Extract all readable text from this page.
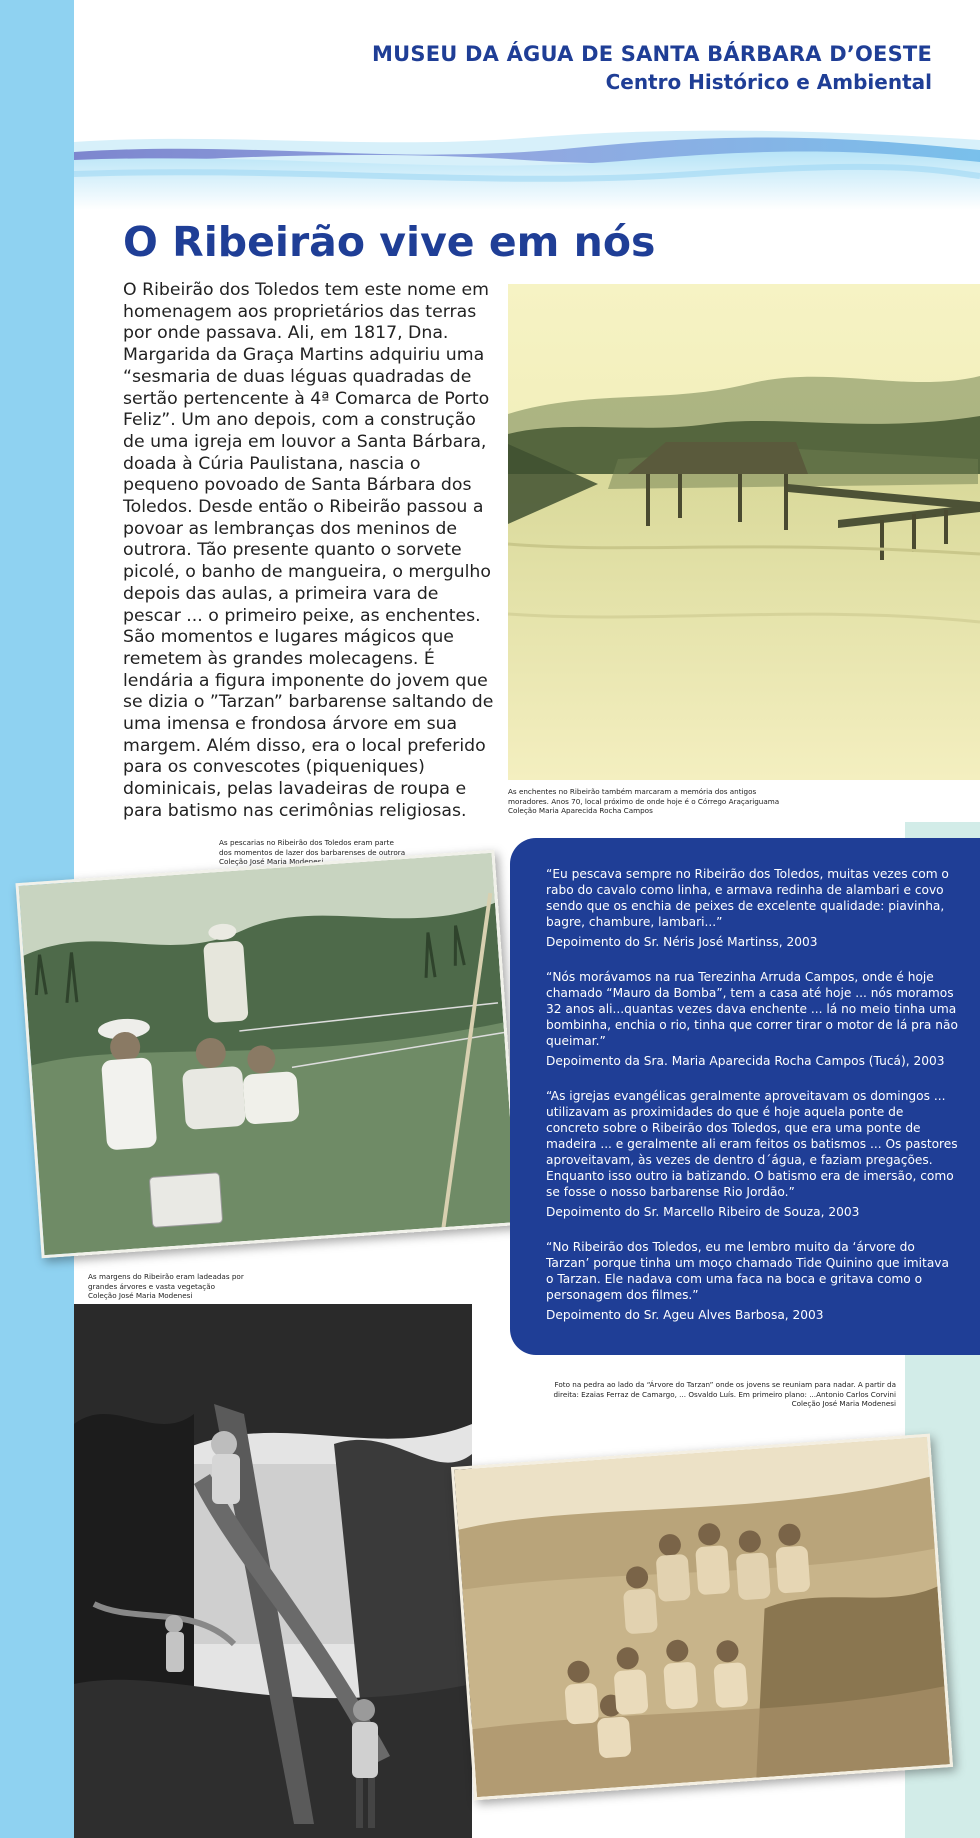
MUSEU DA ÁGUA DE SANTA BÁRBARA D’OESTE
Centro Histórico e Ambiental
O Ribeirão vive em nós

O Ribeirão dos Toledos tem este nome em homenagem aos proprietários das terras por onde passava. Ali, em 1817, Dna. Margarida da Graça Martins adquiriu uma “sesmaria de duas léguas quadradas de sertão pertencente à 4ª Comarca de Porto Feliz”. Um ano depois, com a construção de uma igreja em louvor a Santa Bárbara, doada à Cúria Paulistana, nascia o pequeno povoado de Santa Bárbara dos Toledos. Desde então o Ribeirão passou a povoar as lembranças dos meninos de outrora. Tão presente quanto o sorvete picolé, o banho de mangueira, o mergulho depois das aulas, a primeira vara de pescar ... o primeiro peixe, as enchentes. São momentos e lugares mágicos que remetem às grandes molecagens. É lendária a figura imponente do jovem que se dizia o ”Tarzan” barbarense saltando de uma imensa e frondosa árvore em sua margem. Além disso, era o local preferido para os convescotes (piqueniques) dominicais, pelas lavadeiras de roupa e para batismo nas cerimônias religiosas.

As enchentes no Ribeirão também marcaram a memória dos antigos
moradores. Anos 70, local próximo de onde hoje é o Córrego Araçariguama
Coleção Maria Aparecida Rocha Campos
As pescarias no Ribeirão dos Toledos eram parte
dos momentos de lazer dos barbarenses de outrora
Coleção José Maria Modenesi
As margens do Ribeirão eram ladeadas por
grandes árvores e vasta vegetação
Coleção José Maria Modenesi

“Eu pescava sempre no Ribeirão dos Toledos, muitas vezes com o rabo do cavalo como linha, e armava redinha de alambari e covo sendo que os enchia de peixes de excelente qualidade: piavinha, bagre, chambure, lambari...”

Depoimento do Sr. Néris José Martinss, 2003

“Nós morávamos na rua Terezinha Arruda Campos, onde é hoje chamado “Mauro da Bomba”, tem a casa até hoje ... nós moramos 32 anos ali...quantas vezes dava enchente ... lá no meio tinha uma bombinha, enchia o rio, tinha que correr tirar o motor de lá pra não queimar.”

Depoimento da Sra. Maria Aparecida Rocha Campos (Tucá), 2003

“As igrejas evangélicas geralmente aproveitavam os domingos ... utilizavam as proximidades do que é hoje aquela ponte de concreto sobre o Ribeirão dos Toledos, que era uma ponte de madeira ... e geralmente ali eram feitos os batismos ... Os pastores aproveitavam, às vezes de dentro d´água, e faziam pregações. Enquanto isso outro ia batizando. O batismo era de imersão, como se fosse o nosso barbarense Rio Jordão.”

Depoimento do Sr. Marcello Ribeiro de Souza, 2003

“No Ribeirão dos Toledos, eu me lembro muito da ‘árvore do Tarzan’ porque tinha um moço chamado Tide Quinino que imitava o Tarzan. Ele nadava com uma faca na boca e gritava como o personagem dos filmes.”

Depoimento do Sr. Ageu Alves Barbosa, 2003

Foto na pedra ao lado da “Árvore do Tarzan” onde os jovens se reuniam para nadar. A partir da
direita: Ezaias Ferraz de Camargo, ... Osvaldo Luís. Em primeiro plano: ...Antonio Carlos Corvini
Coleção José Maria Modenesi
